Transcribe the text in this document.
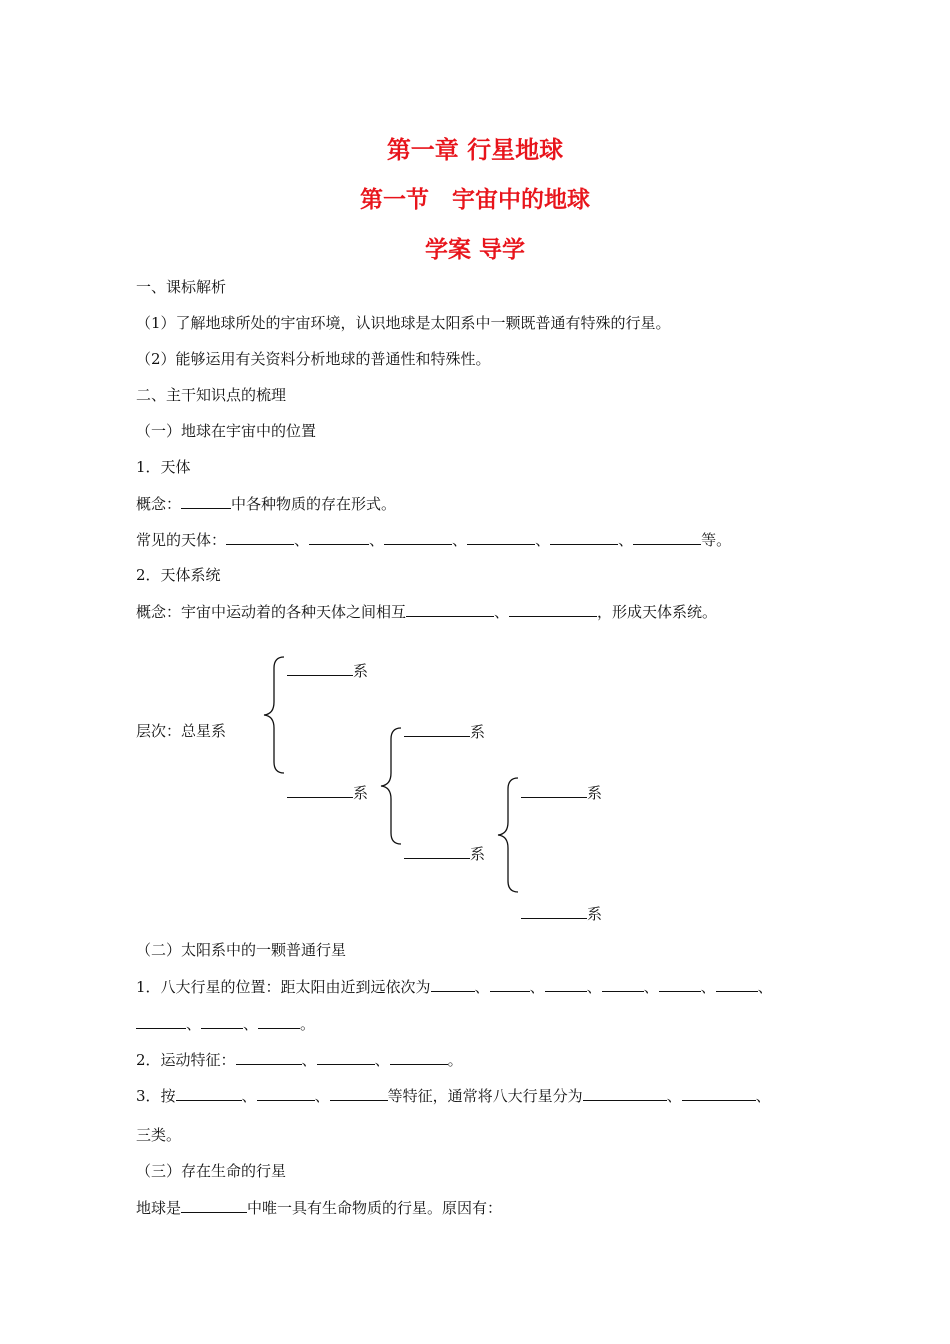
第一章 行星地球
第一节　宇宙中的地球
学案 导学
一、课标解析
（1）了解地球所处的宇宙环境，认识地球是太阳系中一颗既普通有特殊的行星。
（2）能够运用有关资料分析地球的普通性和特殊性。
二、主干知识点的梳理
（一）地球在宇宙中的位置
1．天体
概念：	中各种物质的存在形式。
常见的天体：	、	、	、	、	、	等。
2．天体系统
概念：宇宙中运动着的各种天体之间相互	、	，形成天体系统。
层次：总星系
系
系
系
系
系
系
（二）太阳系中的一颗普通行星
1．八大行星的位置：距太阳由近到远依次为	、	、	、	、	、	、
、	、	。
2．运动特征：	、	、	。
3．按	、	、	等特征，通常将八大行星分为	、	、
三类。
（三）存在生命的行星
地球是	中唯一具有生命物质的行星。原因有：
